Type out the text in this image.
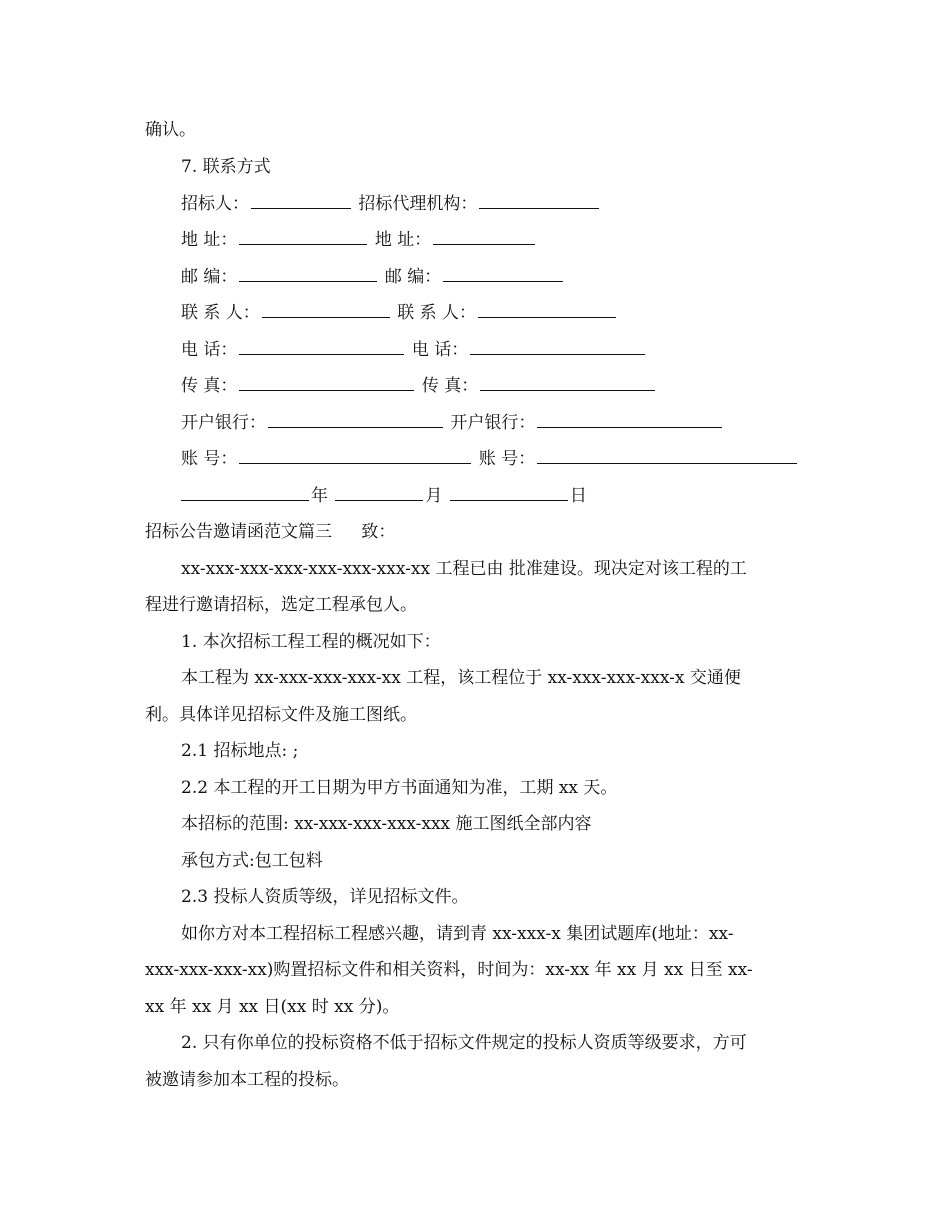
确认。
7. 联系方式
招标人：	招标代理机构：
地 址：	地 址：
邮 编：	邮 编：
联 系 人：	联 系 人：
电 话：	电 话：
传 真：	传 真：
开户银行：	开户银行：
账 号：	账 号：
年	月	日
招标公告邀请函范文篇三 致：
xx-xxx-xxx-xxx-xxx-xxx-xxx-xx 工程已由 批准建设。现决定对该工程的工
程进行邀请招标，选定工程承包人。
1. 本次招标工程工程的概况如下：
本工程为 xx-xxx-xxx-xxx-xx 工程，该工程位于 xx-xxx-xxx-xxx-x 交通便
利。具体详见招标文件及施工图纸。
2.1 招标地点: ;
2.2 本工程的开工日期为甲方书面通知为准，工期 xx 天。
本招标的范围: xx-xxx-xxx-xxx-xxx 施工图纸全部内容
承包方式:包工包料
2.3 投标人资质等级，详见招标文件。
如你方对本工程招标工程感兴趣，请到青 xx-xxx-x 集团试题库(地址：xx-
xxx-xxx-xxx-xx)购置招标文件和相关资料，时间为：xx-xx 年 xx 月 xx 日至 xx-
xx 年 xx 月 xx 日(xx 时 xx 分)。
2. 只有你单位的投标资格不低于招标文件规定的投标人资质等级要求，方可
被邀请参加本工程的投标。
